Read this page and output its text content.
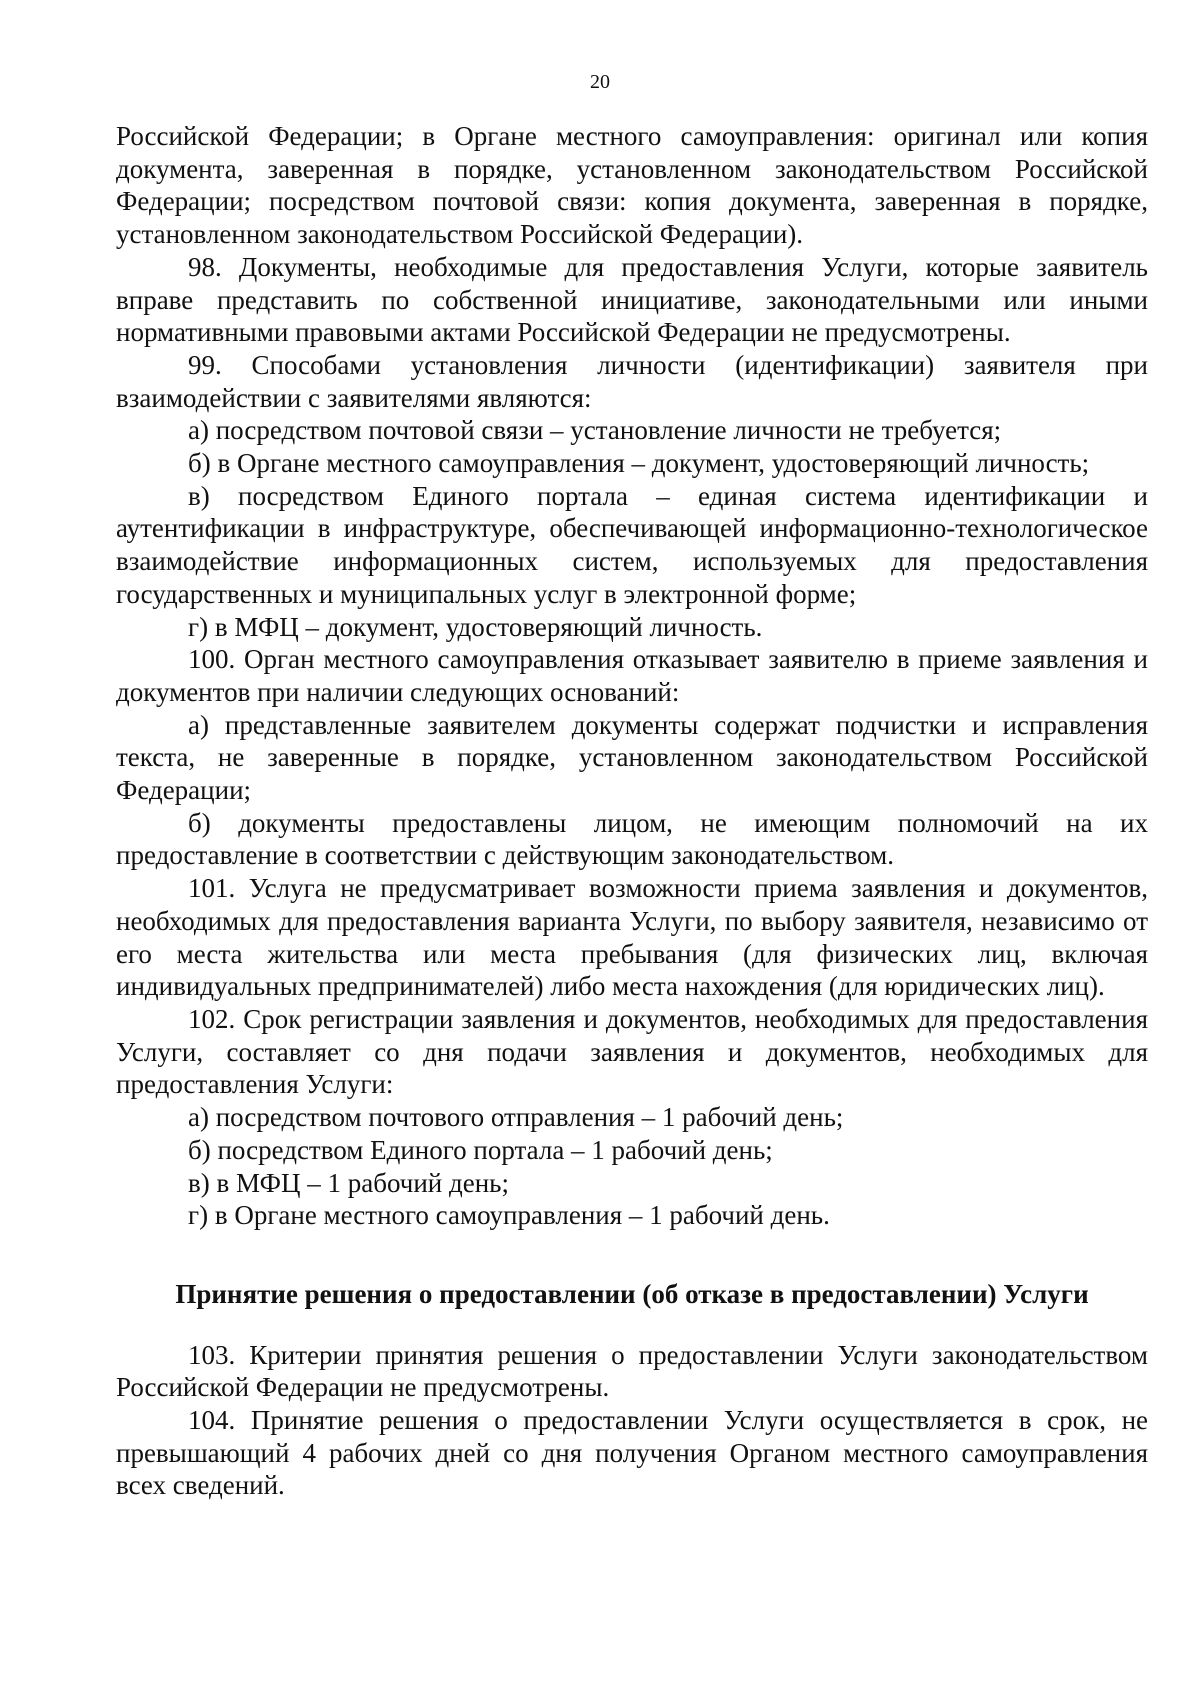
20

Российской Федерации; в Органе местного самоуправления: оригинал или копия документа, заверенная в порядке, установленном законодательством Российской Федерации; посредством почтовой связи: копия документа, заверенная в порядке, установленном законодательством Российской Федерации).

98. Документы, необходимые для предоставления Услуги, которые заявитель вправе представить по собственной инициативе, законодательными или иными нормативными правовыми актами Российской Федерации не предусмотрены.

99. Способами установления личности (идентификации) заявителя при взаимодействии с заявителями являются:

а) посредством почтовой связи – установление личности не требуется;

б) в Органе местного самоуправления – документ, удостоверяющий личность;

в) посредством Единого портала – единая система идентификации и аутентификации в инфраструктуре, обеспечивающей информационно-технологическое взаимодействие информационных систем, используемых для предоставления государственных и муниципальных услуг в электронной форме;

г) в МФЦ – документ, удостоверяющий личность.

100. Орган местного самоуправления отказывает заявителю в приеме заявления и документов при наличии следующих оснований:

а) представленные заявителем документы содержат подчистки и исправления текста, не заверенные в порядке, установленном законодательством Российской Федерации;

б) документы предоставлены лицом, не имеющим полномочий на их предоставление в соответствии с действующим законодательством.

101. Услуга не предусматривает возможности приема заявления и документов, необходимых для предоставления варианта Услуги, по выбору заявителя, независимо от его места жительства или места пребывания (для физических лиц, включая индивидуальных предпринимателей) либо места нахождения (для юридических лиц).

102. Срок регистрации заявления и документов, необходимых для предоставления Услуги, составляет со дня подачи заявления и документов, необходимых для предоставления Услуги:

а) посредством почтового отправления – 1 рабочий день;

б) посредством Единого портала – 1 рабочий день;

в) в МФЦ – 1 рабочий день;

г) в Органе местного самоуправления – 1 рабочий день.

Принятие решения о предоставлении (об отказе в предоставлении) Услуги

103. Критерии принятия решения о предоставлении Услуги законодательством Российской Федерации не предусмотрены.

104. Принятие решения о предоставлении Услуги осуществляется в срок, не превышающий 4 рабочих дней со дня получения Органом местного самоуправления всех сведений.
